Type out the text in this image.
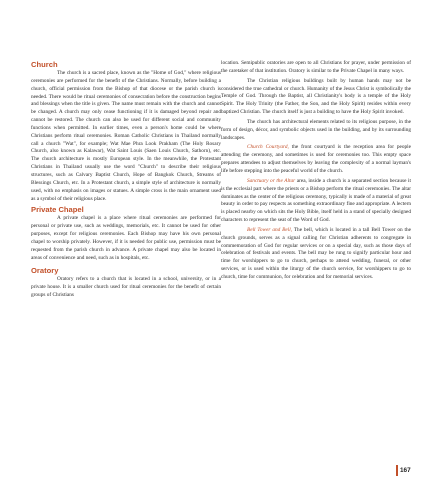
Church

The church is a sacred place, known as the "Home of God," where religious ceremonies are performed for the benefit of the Christians. Normally, before building a church, official permission from the Bishop of that diocese or the parish church is needed. There would be ritual ceremonies of consecration before the construction begins and blessings when the title is given. The name must remain with the church and cannot be changed. A church may only cease functioning if it is damaged beyond repair and cannot be restored. The church can also be used for different social and community functions when permitted. In earlier times, even a person's home could be where Christians perform ritual ceremonies. Roman Catholic Christians in Thailand normally call a church "Wat", for example; Wat Mae Phra Look Prakham (The Holy Rosary Church, also known as Kalawar), Wat Saint Louis (Saen Louis Church, Sathorn), etc. The church architecture is mostly European style. In the meanwhile, the Protestant Christians in Thailand usually use the word "Church" to describe their religious structures, such as Calvary Baptist Church, Hope of Bangkok Church, Streams of Blessings Church, etc. In a Protestant church, a simple style of architecture is normally used, with no emphasis on images or statues. A simple cross is the main ornament used as a symbol of their religious place.

Private Chapel

A private chapel is a place where ritual ceremonies are performed for personal or private use, such as weddings, memorials, etc. It cannot be used for other purposes, except for religious ceremonies. Each Bishop may have his own personal chapel to worship privately. However, if it is needed for public use, permission must be requested from the parish church in advance. A private chapel may also be located in areas of convenience and need, such as in hospitals, etc.

Oratory

Oratory refers to a church that is located in a school, university, or in a private house. It is a smaller church used for ritual ceremonies for the benefit of certain groups of Christians

location. Semipublic oratories are open to all Christians for prayer, under permission of the caretaker of that institution. Oratory is similar to the Private Chapel in many ways.

The Christian religious buildings built by human hands may not be considered the true cathedral or church. Humanity of the Jesus Christ is symbolically the Temple of God. Through the Baptist, all Christianity's body is a temple of the Holy Spirit. The Holy Trinity (the Father, the Son, and the Holy Spirit) resides within every baptized Christian. The church itself is just a building to have the Holy Spirit invoked.

The church has architectural elements related to its religious purpose, in the form of design, décor, and symbolic objects used in the building, and by its surrounding landscapes.

Church Courtyard, the front courtyard is the reception area for people attending the ceremony, and sometimes is used for ceremonies too. This empty space prepares attendees to adjust themselves by leaving the complexity of a normal layman's life before stepping into the peaceful world of the church.

Sanctuary or the Altar area, inside a church is a separated section because it is the ecclesial part where the priests or a Bishop perform the ritual ceremonies. The altar dominates as the center of the religious ceremony, typically is made of a material of great beauty in order to pay respects as something extraordinary fine and appropriate. A lectern is placed nearby on which sits the Holy Bible, itself held in a stand of specially designed characters to represent the seat of the Word of God.

Bell Tower and Bell, The bell, which is located in a tall Bell Tower on the church grounds, serves as a signal calling for Christian adherents to congregate in commemoration of God for regular services or on a special day, such as those days of celebration of festivals and events. The bell may be rung to signify particular hour and time for worshippers to go to church, perhaps to attend wedding, funeral, or other services, or is used within the liturgy of the church service, for worshippers to go to church, time for communion, for celebration and for memorial services.

167
